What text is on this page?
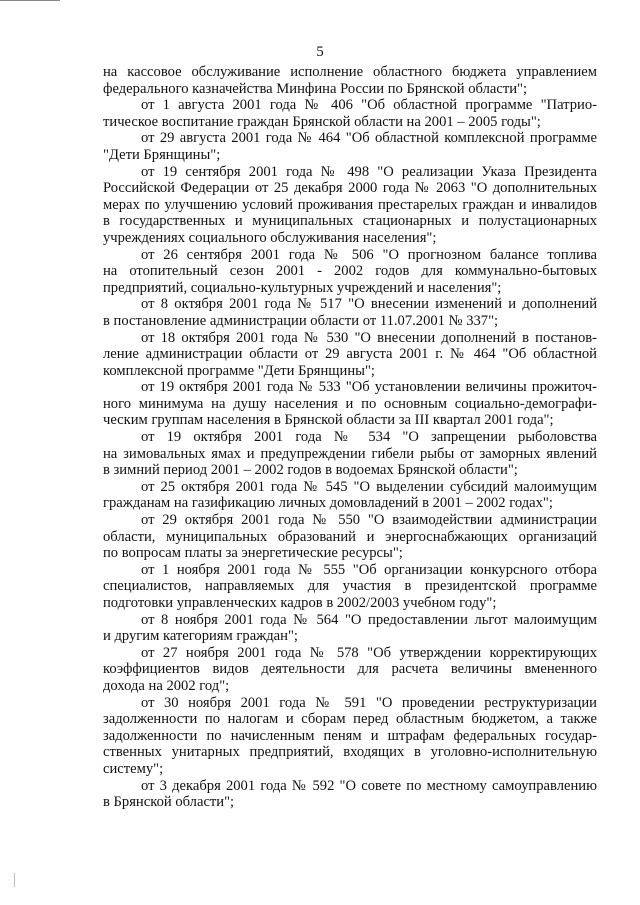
5
на кассовое обслуживание исполнение областного бюджета управлением
федерального казначейства Минфина России по Брянской области";
от 1 августа 2001 года № 406 "Об областной программе "Патрио-
тическое воспитание граждан Брянской области на 2001 – 2005 годы";
от 29 августа 2001 года № 464 "Об областной комплексной программе
"Дети Брянщины";
от 19 сентября 2001 года № 498 "О реализации Указа Президента
Российской Федерации от 25 декабря 2000 года № 2063 "О дополнительных
мерах по улучшению условий проживания престарелых граждан и инвалидов
в государственных и муниципальных стационарных и полустационарных
учреждениях социального обслуживания населения";
от 26 сентября 2001 года № 506 "О прогнозном балансе топлива
на отопительный сезон 2001 - 2002 годов для коммунально-бытовых
предприятий, социально-культурных учреждений и населения";
от 8 октября 2001 года № 517 "О внесении изменений и дополнений
в постановление администрации области от 11.07.2001 № 337";
от 18 октября 2001 года № 530 "О внесении дополнений в постанов-
ление администрации области от 29 августа 2001 г. № 464 "Об областной
комплексной программе "Дети Брянщины";
от 19 октября 2001 года № 533 "Об установлении величины прожиточ-
ного минимума на душу населения и по основным социально-демографи-
ческим группам населения в Брянской области за III квартал 2001 года";
от 19 октября 2001 года № 534 "О запрещении рыболовства
на зимовальных ямах и предупреждении гибели рыбы от заморных явлений
в зимний период 2001 – 2002 годов в водоемах Брянской области";
от 25 октября 2001 года № 545 "О выделении субсидий малоимущим
гражданам на газификацию личных домовладений в 2001 – 2002 годах";
от 29 октября 2001 года № 550 "О взаимодействии администрации
области, муниципальных образований и энергоснабжающих организаций
по вопросам платы за энергетические ресурсы";
от 1 ноября 2001 года № 555 "Об организации конкурсного отбора
специалистов, направляемых для участия в президентской программе
подготовки управленческих кадров в 2002/2003 учебном году";
от 8 ноября 2001 года № 564 "О предоставлении льгот малоимущим
и другим категориям граждан";
от 27 ноября 2001 года № 578 "Об утверждении корректирующих
коэффициентов видов деятельности для расчета величины вмененного
дохода на 2002 год";
от 30 ноября 2001 года № 591 "О проведении реструктуризации
задолженности по налогам и сборам перед областным бюджетом, а также
задолженности по начисленным пеням и штрафам федеральных государ-
ственных унитарных предприятий, входящих в уголовно-исполнительную
систему";
от 3 декабря 2001 года № 592 "О совете по местному самоуправлению
в Брянской области";
